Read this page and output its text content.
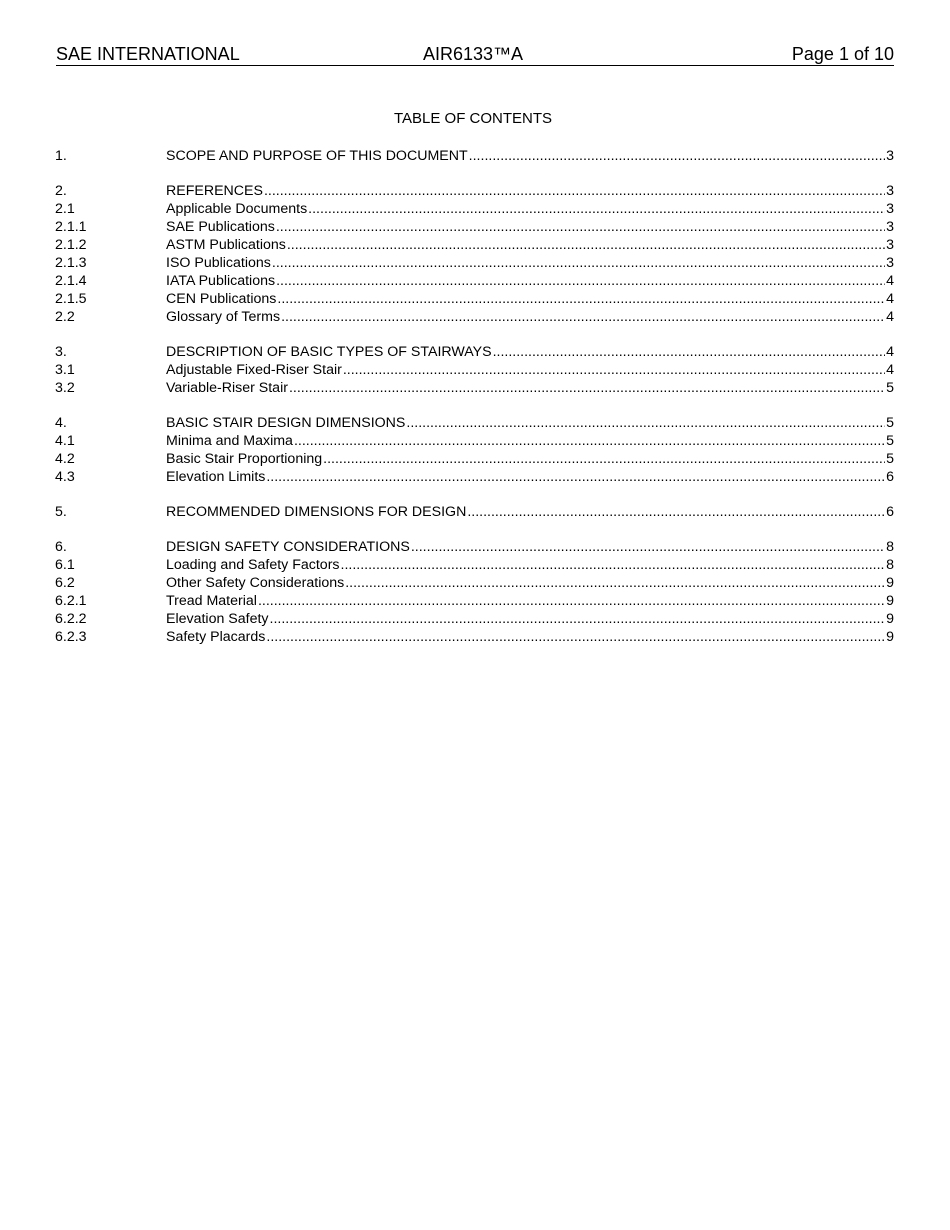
SAE INTERNATIONAL	AIR6133™A	Page 1 of 10
TABLE OF CONTENTS
1.	SCOPE AND PURPOSE OF THIS DOCUMENT .....	3
2.	REFERENCES .....	3
2.1	Applicable Documents .....	3
2.1.1	SAE Publications .....	3
2.1.2	ASTM Publications .....	3
2.1.3	ISO Publications .....	3
2.1.4	IATA Publications .....	4
2.1.5	CEN Publications .....	4
2.2	Glossary of Terms .....	4
3.	DESCRIPTION OF BASIC TYPES OF STAIRWAYS .....	4
3.1	Adjustable Fixed-Riser Stair .....	4
3.2	Variable-Riser Stair .....	5
4.	BASIC STAIR DESIGN DIMENSIONS .....	5
4.1	Minima and Maxima .....	5
4.2	Basic Stair Proportioning .....	5
4.3	Elevation Limits .....	6
5.	RECOMMENDED DIMENSIONS FOR DESIGN .....	6
6.	DESIGN SAFETY CONSIDERATIONS .....	8
6.1	Loading and Safety Factors .....	8
6.2	Other Safety Considerations .....	9
6.2.1	Tread Material .....	9
6.2.2	Elevation Safety .....	9
6.2.3	Safety Placards .....	9
